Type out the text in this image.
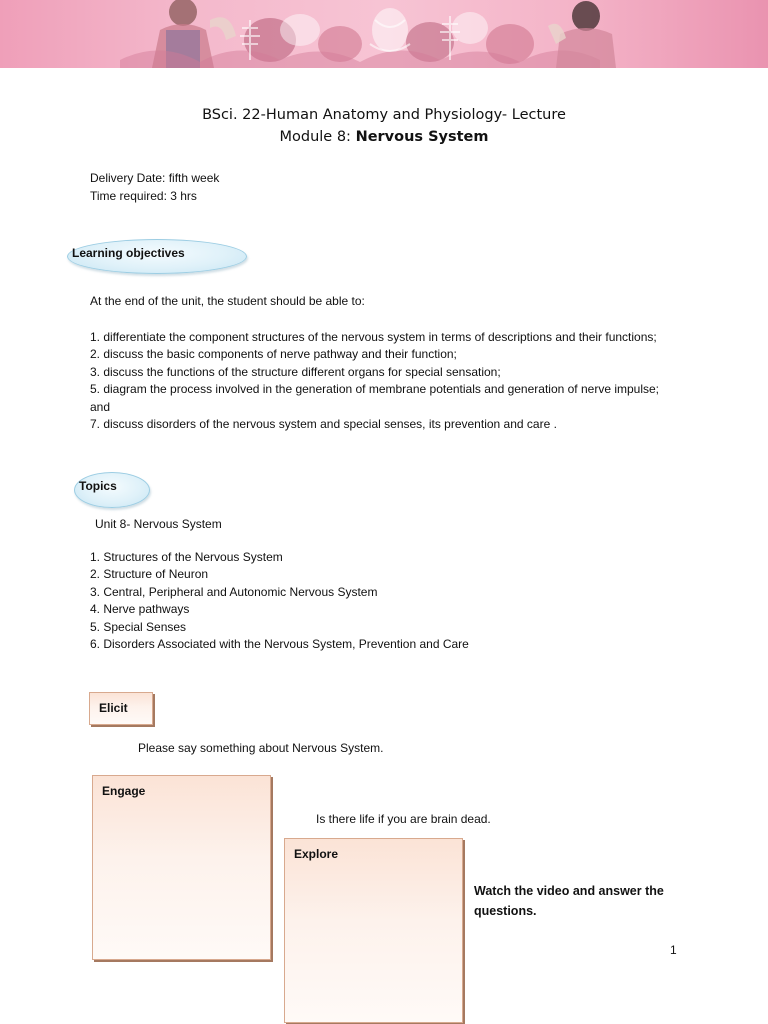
BSci. 22-Human Anatomy and Physiology- Lecture
Module 8: Nervous System
Delivery Date: fifth week
Time required: 3 hrs
Learning objectives
At the end of the unit, the student should be able to:
1. differentiate the component structures of the nervous system in terms of descriptions and their functions;
2. discuss the basic components of nerve pathway and their function;
3. discuss the functions of the structure different organs for special sensation;
5. diagram the process involved in the generation of membrane potentials and generation of nerve impulse; and
7. discuss disorders of the nervous system and special senses, its prevention and care .
Topics
Unit 8- Nervous System
1. Structures of the Nervous System
2. Structure of Neuron
3. Central, Peripheral and Autonomic Nervous System
4. Nerve pathways
5. Special Senses
6. Disorders Associated with the Nervous System, Prevention and Care
Elicit
Please say something about Nervous System.
Engage
Is there life if you are brain dead.
Explore
Watch the video and answer the
questions.
1
